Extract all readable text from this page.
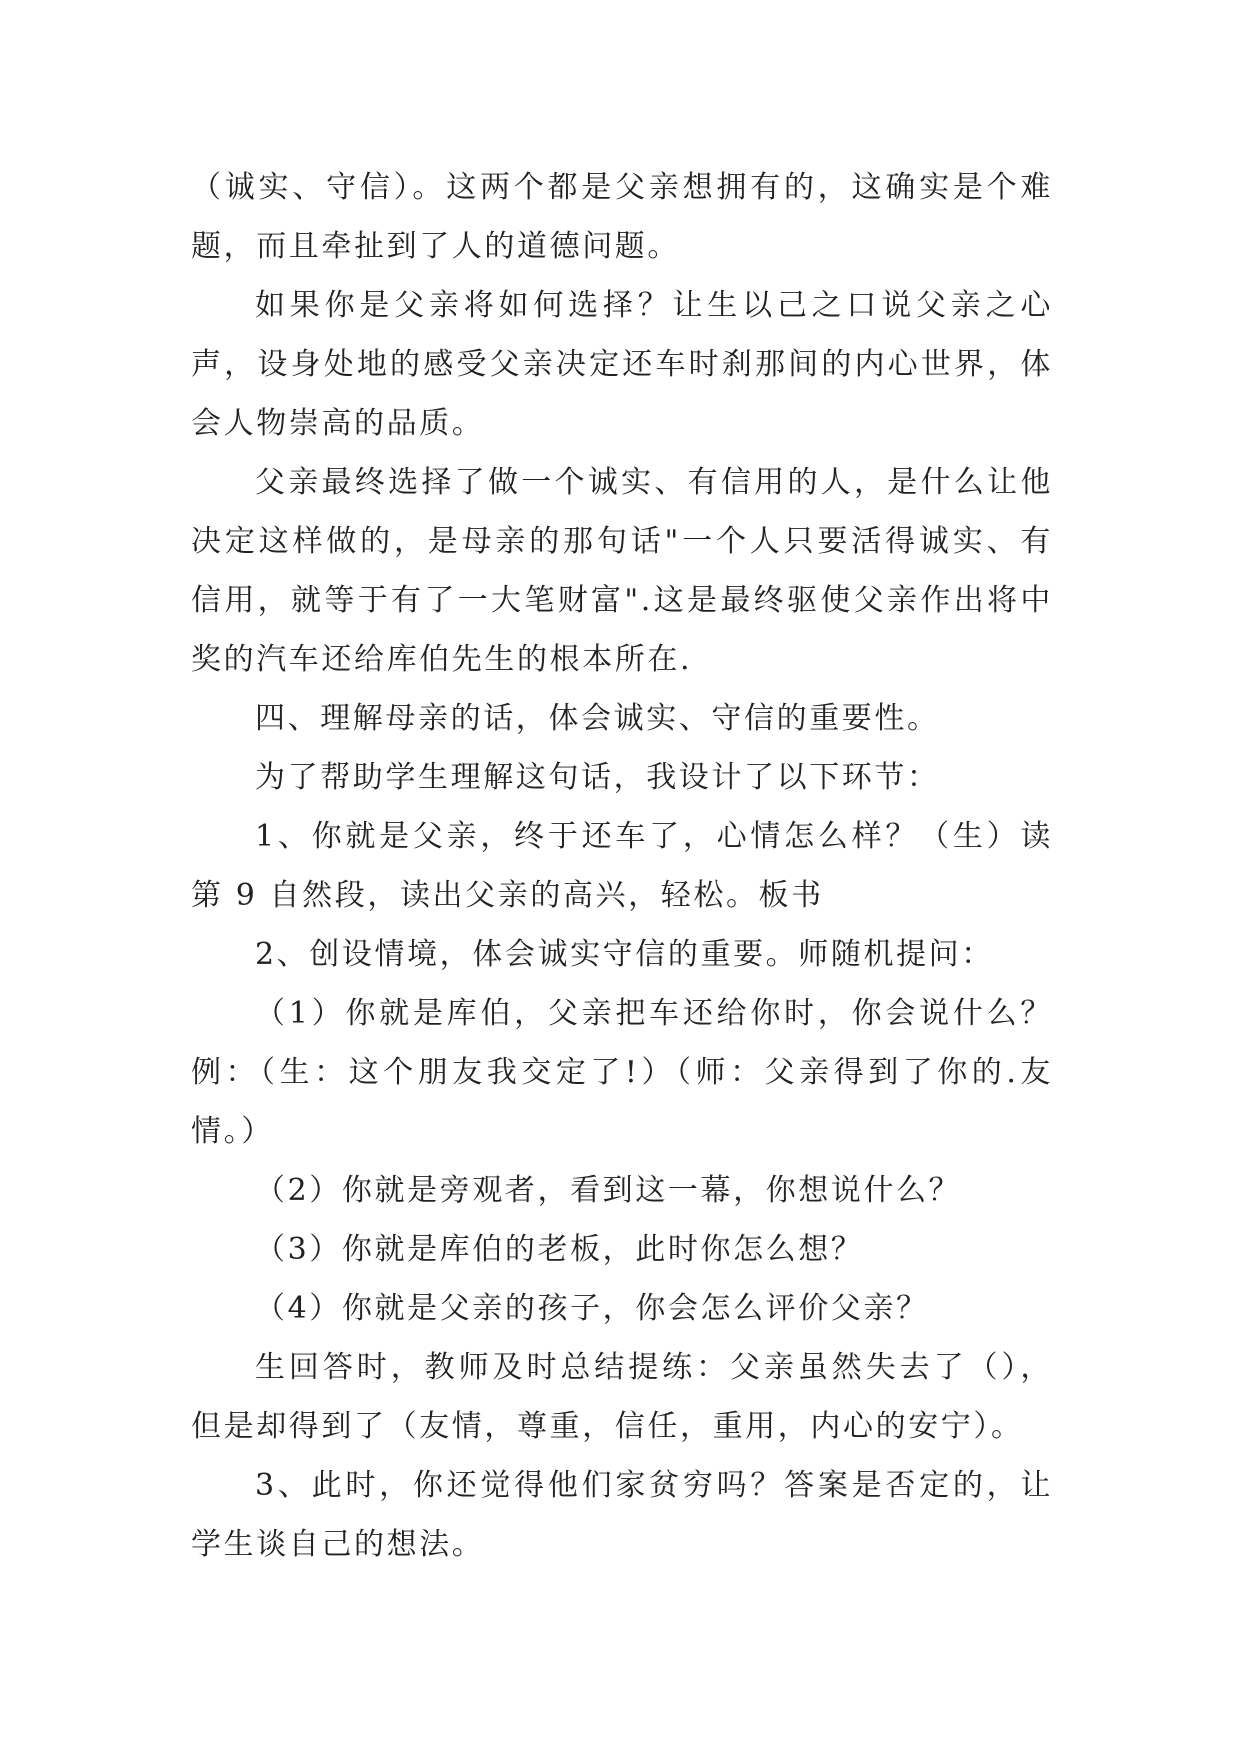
（诚实、守信）。这两个都是父亲想拥有的，这确实是个难题，而且牵扯到了人的道德问题。

如果你是父亲将如何选择？让生以己之口说父亲之心声，设身处地的感受父亲决定还车时刹那间的内心世界，体会人物崇高的品质。

父亲最终选择了做一个诚实、有信用的人，是什么让他决定这样做的，是母亲的那句话"一个人只要活得诚实、有信用，就等于有了一大笔财富".这是最终驱使父亲作出将中奖的汽车还给库伯先生的根本所在.

四、理解母亲的话，体会诚实、守信的重要性。

为了帮助学生理解这句话，我设计了以下环节：

1、你就是父亲，终于还车了，心情怎么样？（生）读第 9 自然段，读出父亲的高兴，轻松。板书

2、创设情境，体会诚实守信的重要。师随机提问：

（1）你就是库伯，父亲把车还给你时，你会说什么？例：（生：这个朋友我交定了!）（师：父亲得到了你的.友情。）

（2）你就是旁观者，看到这一幕，你想说什么？

（3）你就是库伯的老板，此时你怎么想？

（4）你就是父亲的孩子，你会怎么评价父亲？

生回答时，教师及时总结提练：父亲虽然失去了（），但是却得到了（友情，尊重，信任，重用，内心的安宁）。

3、此时，你还觉得他们家贫穷吗？答案是否定的，让学生谈自己的想法。
